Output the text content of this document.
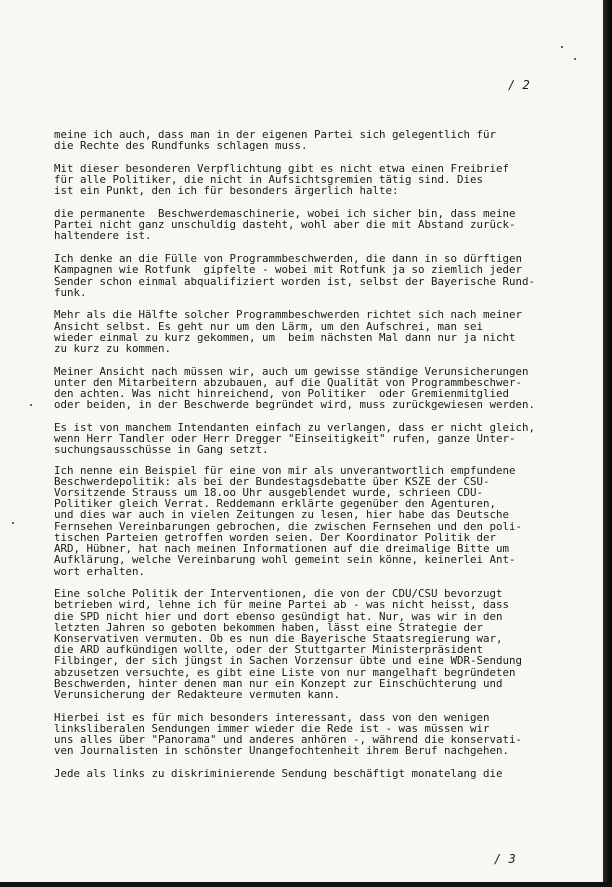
/ 2

meine ich auch, dass man in der eigenen Partei sich gelegentlich für
die Rechte des Rundfunks schlagen muss.

Mit dieser besonderen Verpflichtung gibt es nicht etwa einen Freibrief
für alle Politiker, die nicht in Aufsichtsgremien tätig sind. Dies
ist ein Punkt, den ich für besonders ärgerlich halte:

die permanente  Beschwerdemaschinerie, wobei ich sicher bin, dass meine
Partei nicht ganz unschuldig dasteht, wohl aber die mit Abstand zurück-
haltendere ist.

Ich denke an die Fülle von Programmbeschwerden, die dann in so dürftigen
Kampagnen wie Rotfunk  gipfelte - wobei mit Rotfunk ja so ziemlich jeder
Sender schon einmal abqualifiziert worden ist, selbst der Bayerische Rund-
funk.

Mehr als die Hälfte solcher Programmbeschwerden richtet sich nach meiner
Ansicht selbst. Es geht nur um den Lärm, um den Aufschrei, man sei
wieder einmal zu kurz gekommen, um  beim nächsten Mal dann nur ja nicht
zu kurz zu kommen.

Meiner Ansicht nach müssen wir, auch um gewisse ständige Verunsicherungen
unter den Mitarbeitern abzubauen, auf die Qualität von Programmbeschwer-
den achten. Was nicht hinreichend, von Politiker  oder Gremienmitglied
oder beiden, in der Beschwerde begründet wird, muss zurückgewiesen werden.

Es ist von manchem Intendanten einfach zu verlangen, dass er nicht gleich,
wenn Herr Tandler oder Herr Dregger "Einseitigkeit" rufen, ganze Unter-
suchungsausschüsse in Gang setzt.

Ich nenne ein Beispiel für eine von mir als unverantwortlich empfundene
Beschwerdepolitik: als bei der Bundestagsdebatte über KSZE der CSU-
Vorsitzende Strauss um 18.oo Uhr ausgeblendet wurde, schrieen CDU-
Politiker gleich Verrat. Reddemann erklärte gegenüber den Agenturen,
und dies war auch in vielen Zeitungen zu lesen, hier habe das Deutsche
Fernsehen Vereinbarungen gebrochen, die zwischen Fernsehen und den poli-
tischen Parteien getroffen worden seien. Der Koordinator Politik der
ARD, Hübner, hat nach meinen Informationen auf die dreimalige Bitte um
Aufklärung, welche Vereinbarung wohl gemeint sein könne, keinerlei Ant-
wort erhalten.

Eine solche Politik der Interventionen, die von der CDU/CSU bevorzugt
betrieben wird, lehne ich für meine Partei ab - was nicht heisst, dass
die SPD nicht hier und dort ebenso gesündigt hat. Nur, was wir in den
letzten Jahren so geboten bekommen haben, lässt eine Strategie der
Konservativen vermuten. Ob es nun die Bayerische Staatsregierung war,
die ARD aufkündigen wollte, oder der Stuttgarter Ministerpräsident
Filbinger, der sich jüngst in Sachen Vorzensur übte und eine WDR-Sendung
abzusetzen versuchte, es gibt eine Liste von nur mangelhaft begründeten
Beschwerden, hinter denen man nur ein Konzept zur Einschüchterung und
Verunsicherung der Redakteure vermuten kann.

Hierbei ist es für mich besonders interessant, dass von den wenigen
linksliberalen Sendungen immer wieder die Rede ist - was müssen wir
uns alles über "Panorama" und anderes anhören -, während die konservati-
ven Journalisten in schönster Unangefochtenheit ihrem Beruf nachgehen.

Jede als links zu diskriminierende Sendung beschäftigt monatelang die

/ 3
